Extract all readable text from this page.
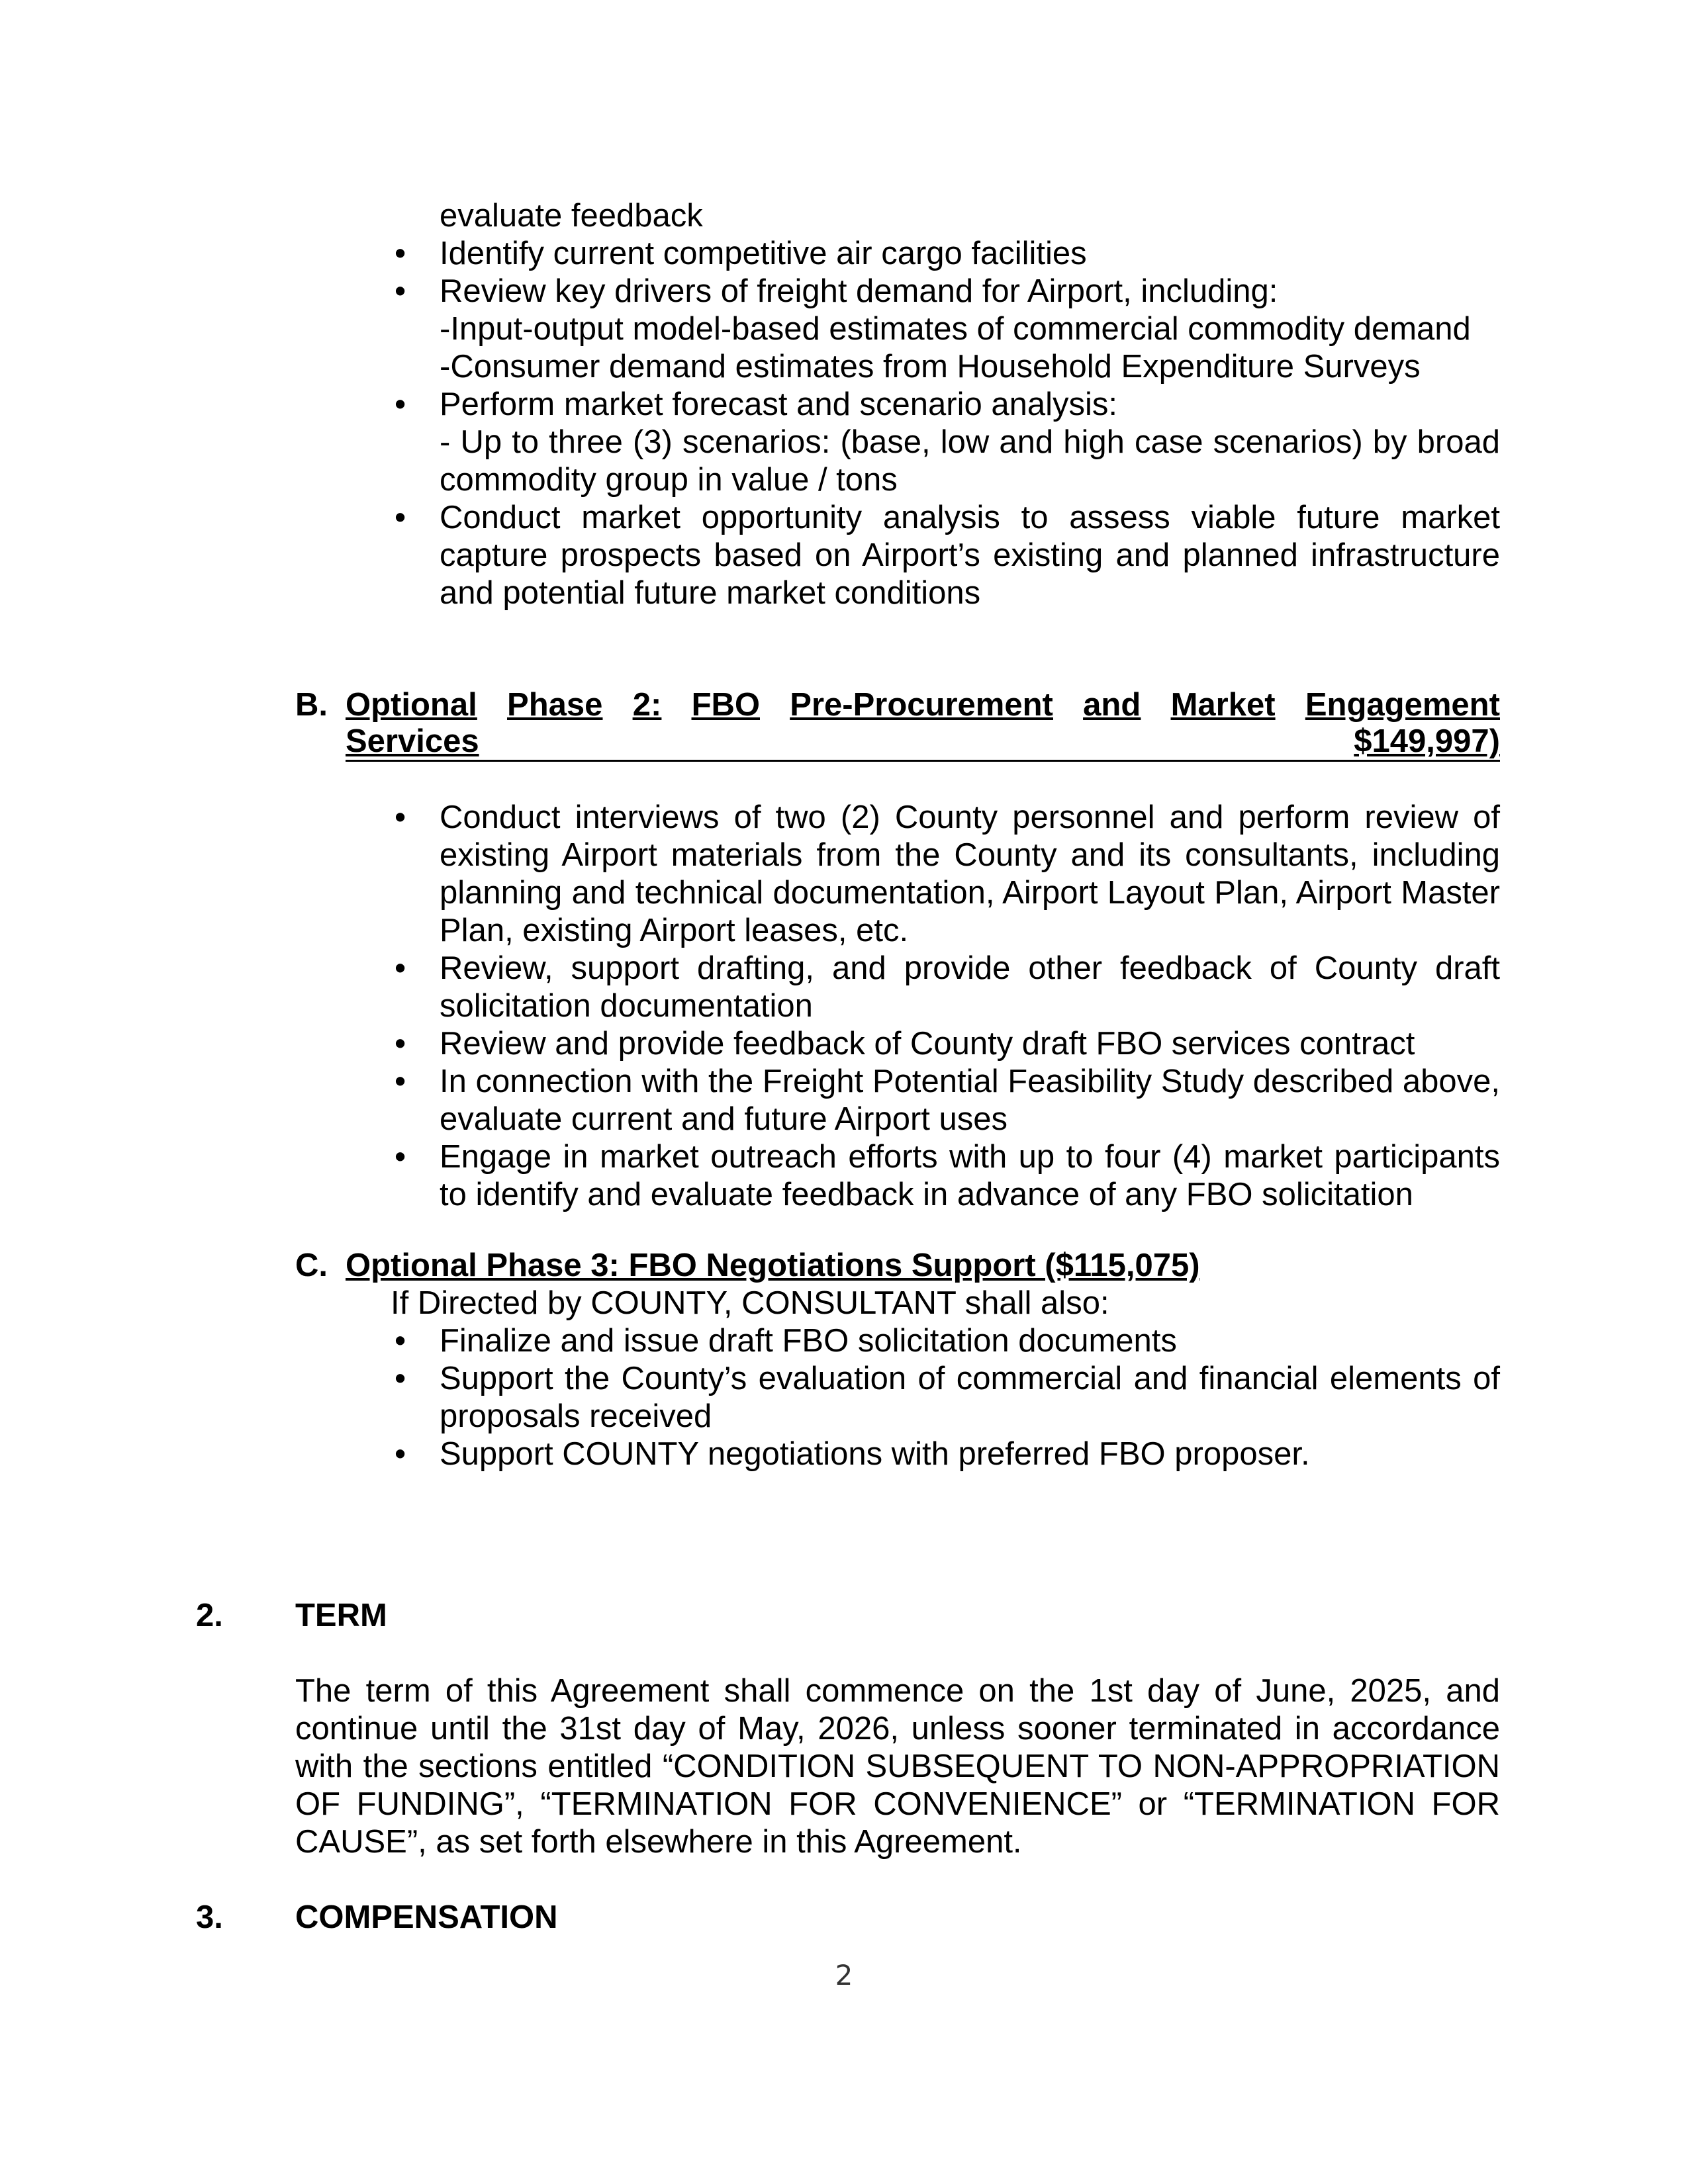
evaluate feedback
• Identify current competitive air cargo facilities
• Review key drivers of freight demand for Airport, including:
-Input-output model-based estimates of commercial commodity demand
-Consumer demand estimates from Household Expenditure Surveys
• Perform market forecast and scenario analysis:
- Up to three (3) scenarios: (base, low and high case scenarios) by broad commodity group in value / tons
• Conduct market opportunity analysis to assess viable future market capture prospects based on Airport’s existing and planned infrastructure and potential future market conditions
B. Optional Phase 2: FBO Pre-Procurement and Market Engagement
Services	$149,997)
• Conduct interviews of two (2) County personnel and perform review of existing Airport materials from the County and its consultants, including planning and technical documentation, Airport Layout Plan, Airport Master Plan, existing Airport leases, etc.
• Review, support drafting, and provide other feedback of County draft solicitation documentation
• Review and provide feedback of County draft FBO services contract
• In connection with the Freight Potential Feasibility Study described above, evaluate current and future Airport uses
• Engage in market outreach efforts with up to four (4) market participants to identify and evaluate feedback in advance of any FBO solicitation
C. Optional Phase 3: FBO Negotiations Support ($115,075)
If Directed by COUNTY, CONSULTANT shall also:
• Finalize and issue draft FBO solicitation documents
• Support the County’s evaluation of commercial and financial elements of proposals received
• Support COUNTY negotiations with preferred FBO proposer.
2. TERM
The term of this Agreement shall commence on the 1st day of June, 2025, and continue until the 31st day of May, 2026, unless sooner terminated in accordance with the sections entitled “CONDITION SUBSEQUENT TO NON-APPROPRIATION OF FUNDING”, “TERMINATION FOR CONVENIENCE” or “TERMINATION FOR CAUSE”, as set forth elsewhere in this Agreement.
3. COMPENSATION
2
